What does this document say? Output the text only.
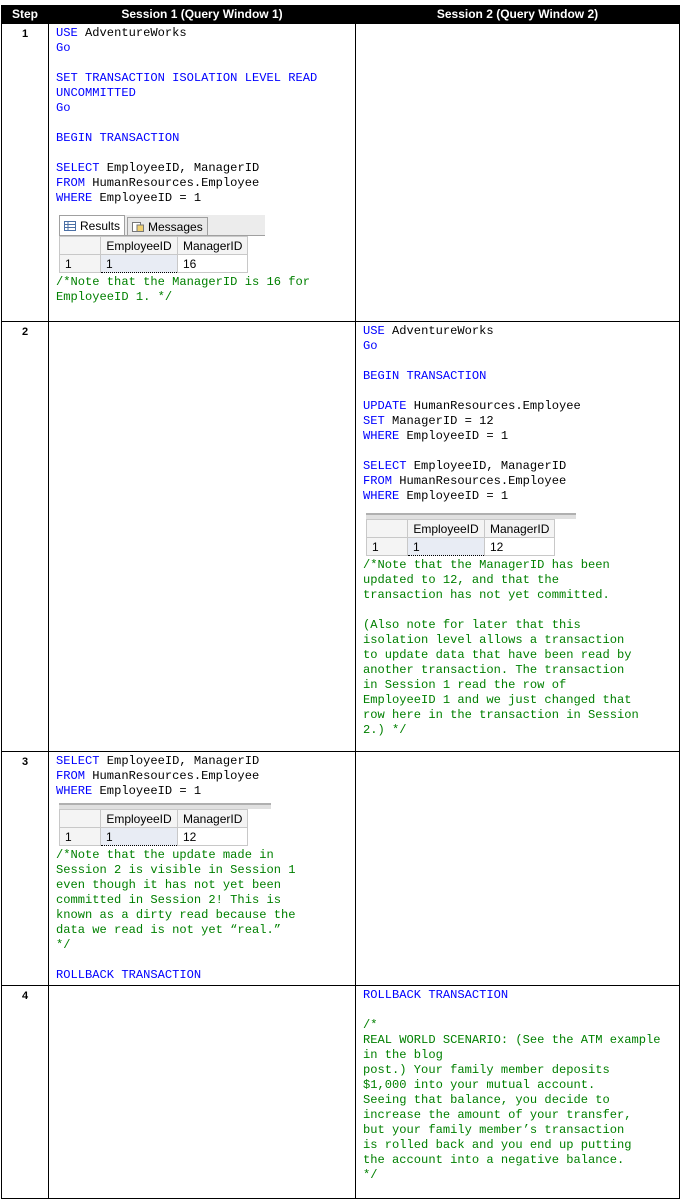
Step	Session 1 (Query Window 1)	Session 2 (Query Window 2)
1	USE AdventureWorks
Go
SET TRANSACTION ISOLATION LEVEL READ
UNCOMMITTED
Go
BEGIN TRANSACTION
SELECT EmployeeID, ManagerID
FROM HumanResources.Employee
WHERE EmployeeID = 1
Results Messages
	EmployeeID	ManagerID
1	1	16
/*Note that the ManagerID is 16 for
EmployeeID 1. */

2		USE AdventureWorks
Go
BEGIN TRANSACTION
UPDATE HumanResources.Employee
SET ManagerID = 12
WHERE EmployeeID = 1
SELECT EmployeeID, ManagerID
FROM HumanResources.Employee
WHERE EmployeeID = 1
	EmployeeID	ManagerID
1	1	12
/*Note that the ManagerID has been
updated to 12, and that the
transaction has not yet committed.
(Also note for later that this
isolation level allows a transaction
to update data that have been read by
another transaction. The transaction
in Session 1 read the row of
EmployeeID 1 and we just changed that
row here in the transaction in Session
2.) */

3	SELECT EmployeeID, ManagerID
FROM HumanResources.Employee
WHERE EmployeeID = 1
	EmployeeID	ManagerID
1	1	12
/*Note that the update made in
Session 2 is visible in Session 1
even though it has not yet been
committed in Session 2! This is
known as a dirty read because the
data we read is not yet “real.”
*/
ROLLBACK TRANSACTION

4		ROLLBACK TRANSACTION
/*
REAL WORLD SCENARIO: (See the ATM example
in the blog
post.) Your family member deposits
$1,000 into your mutual account.
Seeing that balance, you decide to
increase the amount of your transfer,
but your family member’s transaction
is rolled back and you end up putting
the account into a negative balance.
*/
